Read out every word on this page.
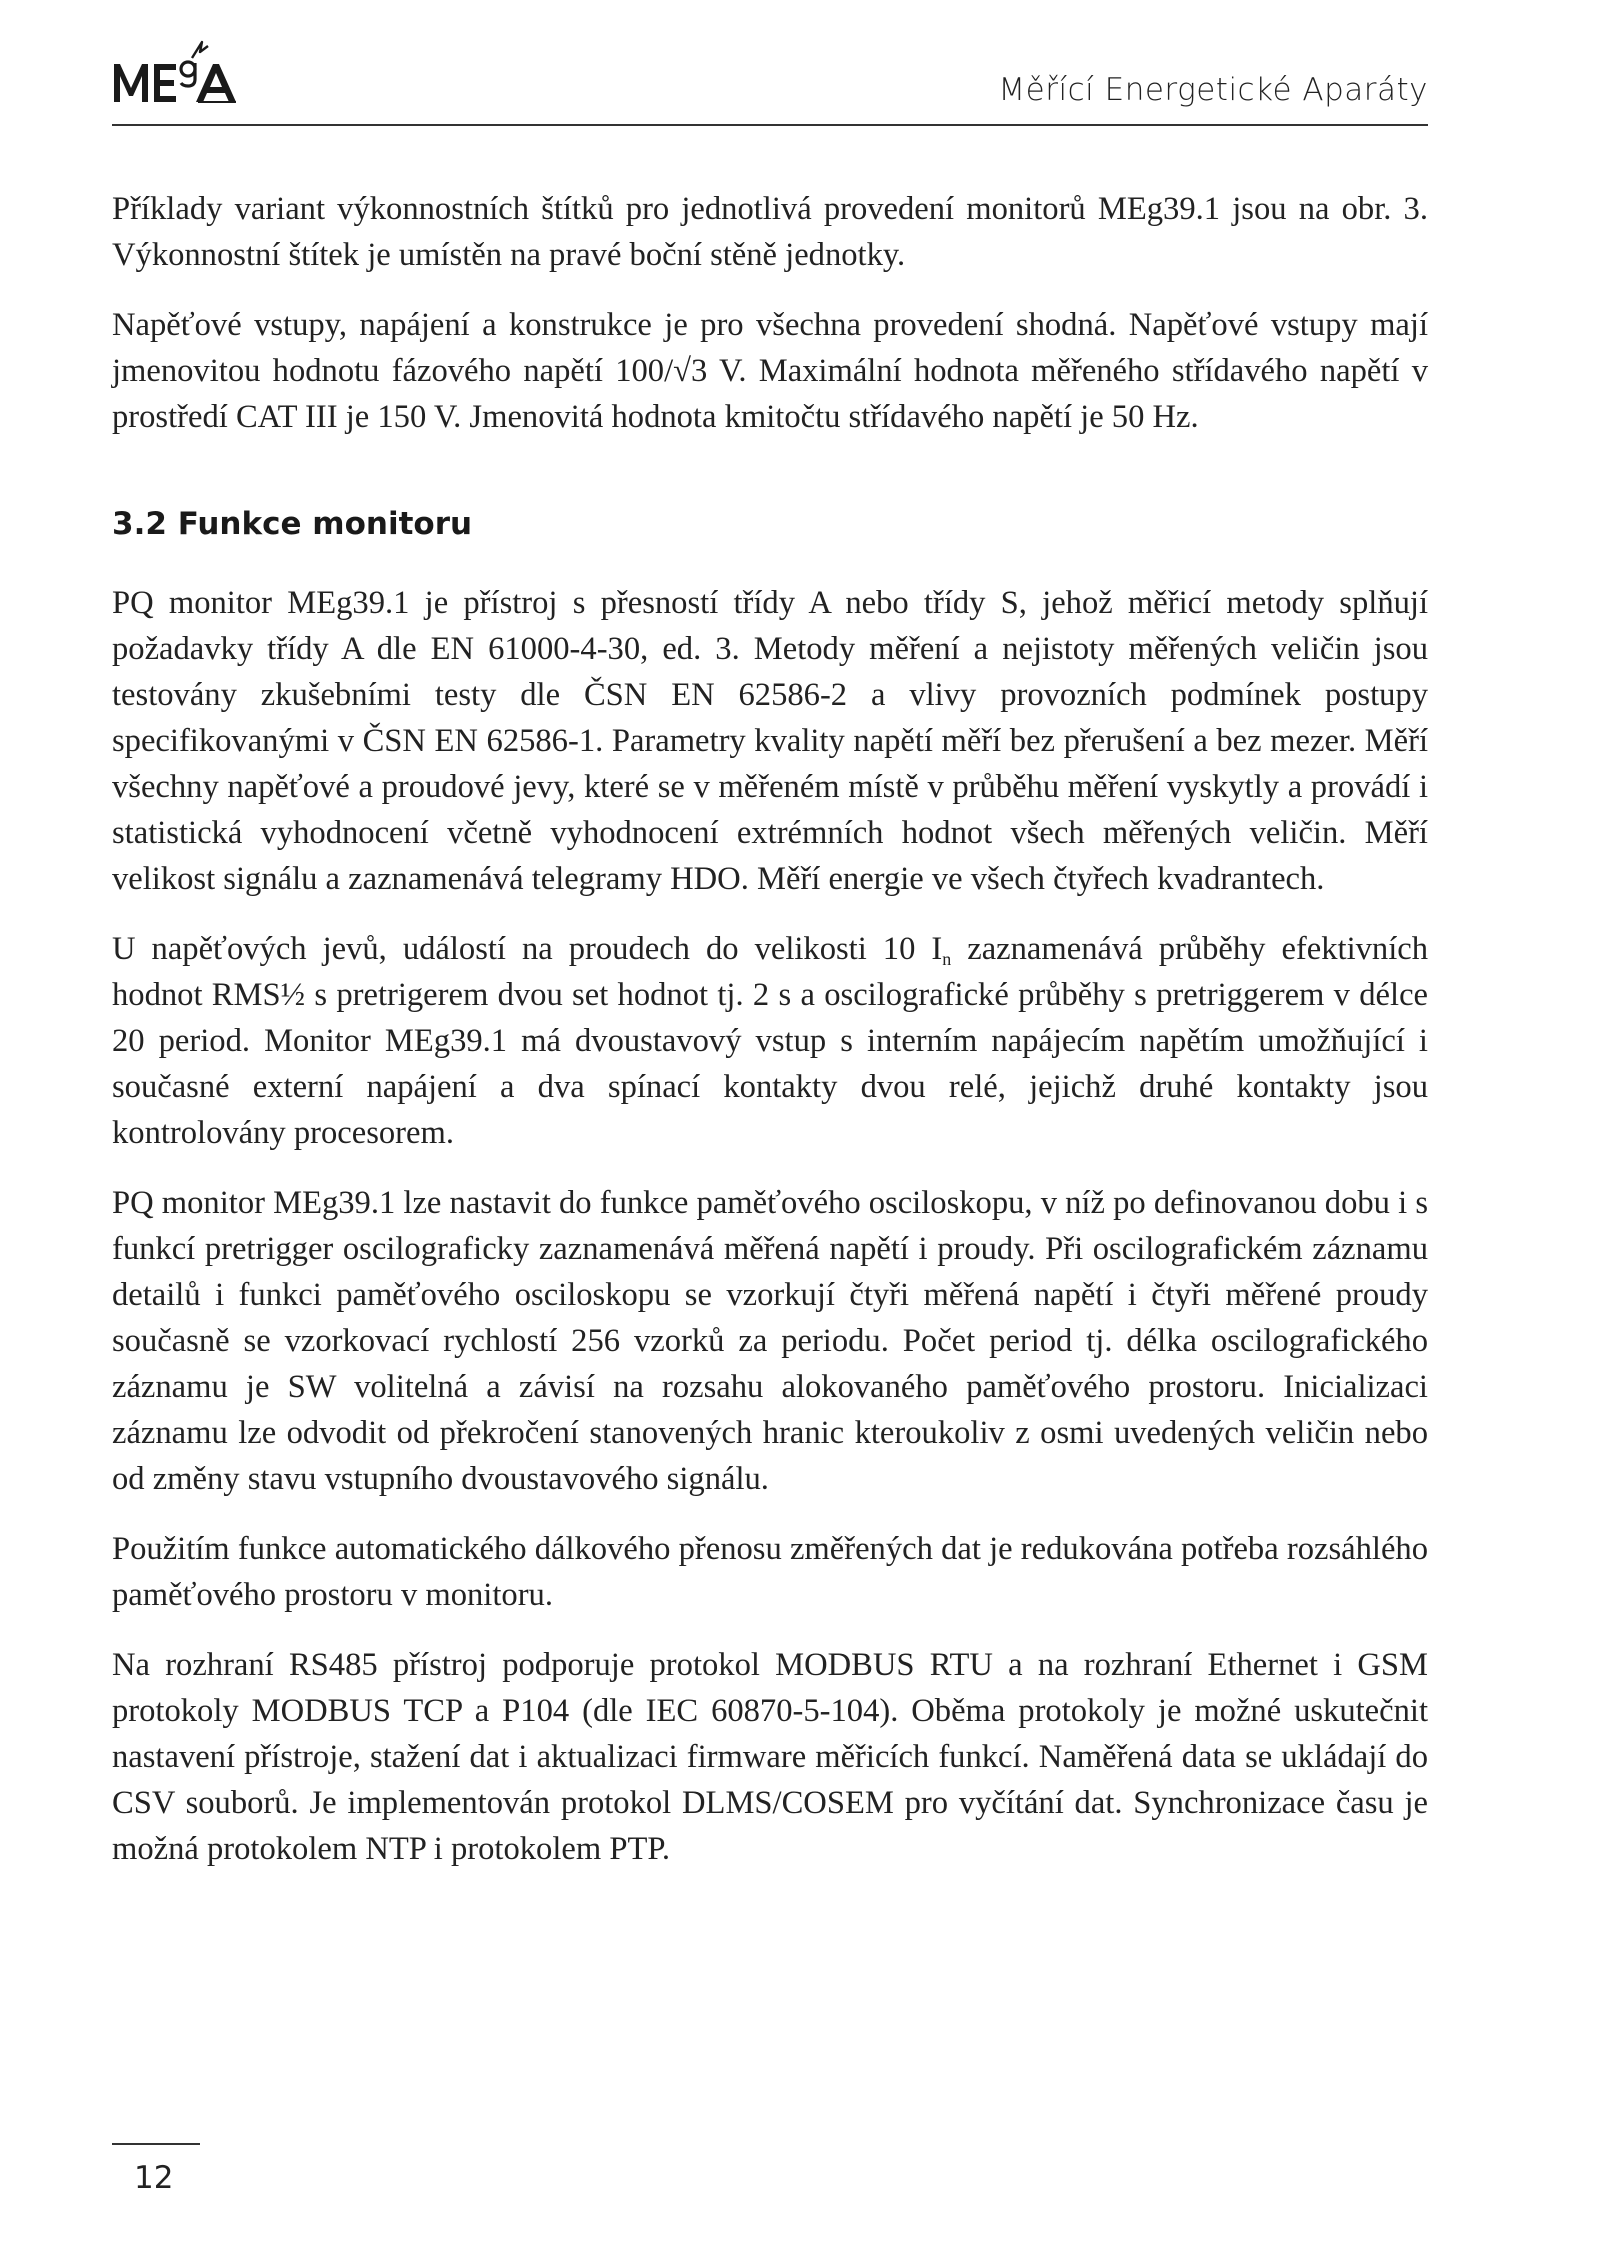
Měřící Energetické Aparáty

Příklady variant výkonnostních štítků pro jednotlivá provedení monitorů MEg39.1 jsou na obr. 3. Výkonnostní štítek je umístěn na pravé boční stěně jednotky.

Napěťové vstupy, napájení a konstrukce je pro všechna provedení shodná. Napěťové vstupy mají jmenovitou hodnotu fázového napětí 100/√3 V. Maximální hodnota měřeného střídavého napětí v prostředí CAT III je 150 V. Jmenovitá hodnota kmitočtu střídavého napětí je 50 Hz.

3.2 Funkce monitoru

PQ monitor MEg39.1 je přístroj s přesností třídy A nebo třídy S, jehož měřicí metody splňují požadavky třídy A dle EN 61000-4-30, ed. 3. Metody měření a nejistoty měřených veličin jsou testovány zkušebními testy dle ČSN EN 62586-2 a vlivy provozních podmínek postupy specifikovanými v ČSN EN 62586-1. Parametry kvality napětí měří bez přerušení a bez mezer. Měří všechny napěťové a proudové jevy, které se v měřeném místě v průběhu měření vyskytly a provádí i statistická vyhodnocení včetně vyhodnocení extrémních hodnot všech měřených veličin. Měří velikost signálu a zaznamenává telegramy HDO. Měří energie ve všech čtyřech kvadrantech.

U napěťových jevů, událostí na proudech do velikosti 10 $I_n$ zaznamenává průběhy efektivních hodnot RMS½ s pretrigerem dvou set hodnot tj. 2 s a oscilografické průběhy s pretriggerem v délce 20 period. Monitor MEg39.1 má dvoustavový vstup s interním napájecím napětím umožňující i současné externí napájení a dva spínací kontakty dvou relé, jejichž druhé kontakty jsou kontrolovány procesorem.

PQ monitor MEg39.1 lze nastavit do funkce paměťového osciloskopu, v níž po definovanou dobu i s funkcí pretrigger oscilograficky zaznamenává měřená napětí i proudy. Při oscilografickém záznamu detailů i funkci paměťového osciloskopu se vzorkují čtyři měřená napětí i čtyři měřené proudy současně se vzorkovací rychlostí 256 vzorků za periodu. Počet period tj. délka oscilografického záznamu je SW volitelná a závisí na rozsahu alokovaného paměťového prostoru. Inicializaci záznamu lze odvodit od překročení stanovených hranic kteroukoliv z osmi uvedených veličin nebo od změny stavu vstupního dvoustavového signálu.

Použitím funkce automatického dálkového přenosu změřených dat je redukována potřeba rozsáhlého paměťového prostoru v monitoru.

Na rozhraní RS485 přístroj podporuje protokol MODBUS RTU a na rozhraní Ethernet i GSM protokoly MODBUS TCP a P104 (dle IEC 60870-5-104). Oběma protokoly je možné uskutečnit nastavení přístroje, stažení dat i aktualizaci firmware měřicích funkcí. Naměřená data se ukládají do CSV souborů. Je implementován protokol DLMS/COSEM pro vyčítání dat. Synchronizace času je možná protokolem NTP i protokolem PTP.

12
